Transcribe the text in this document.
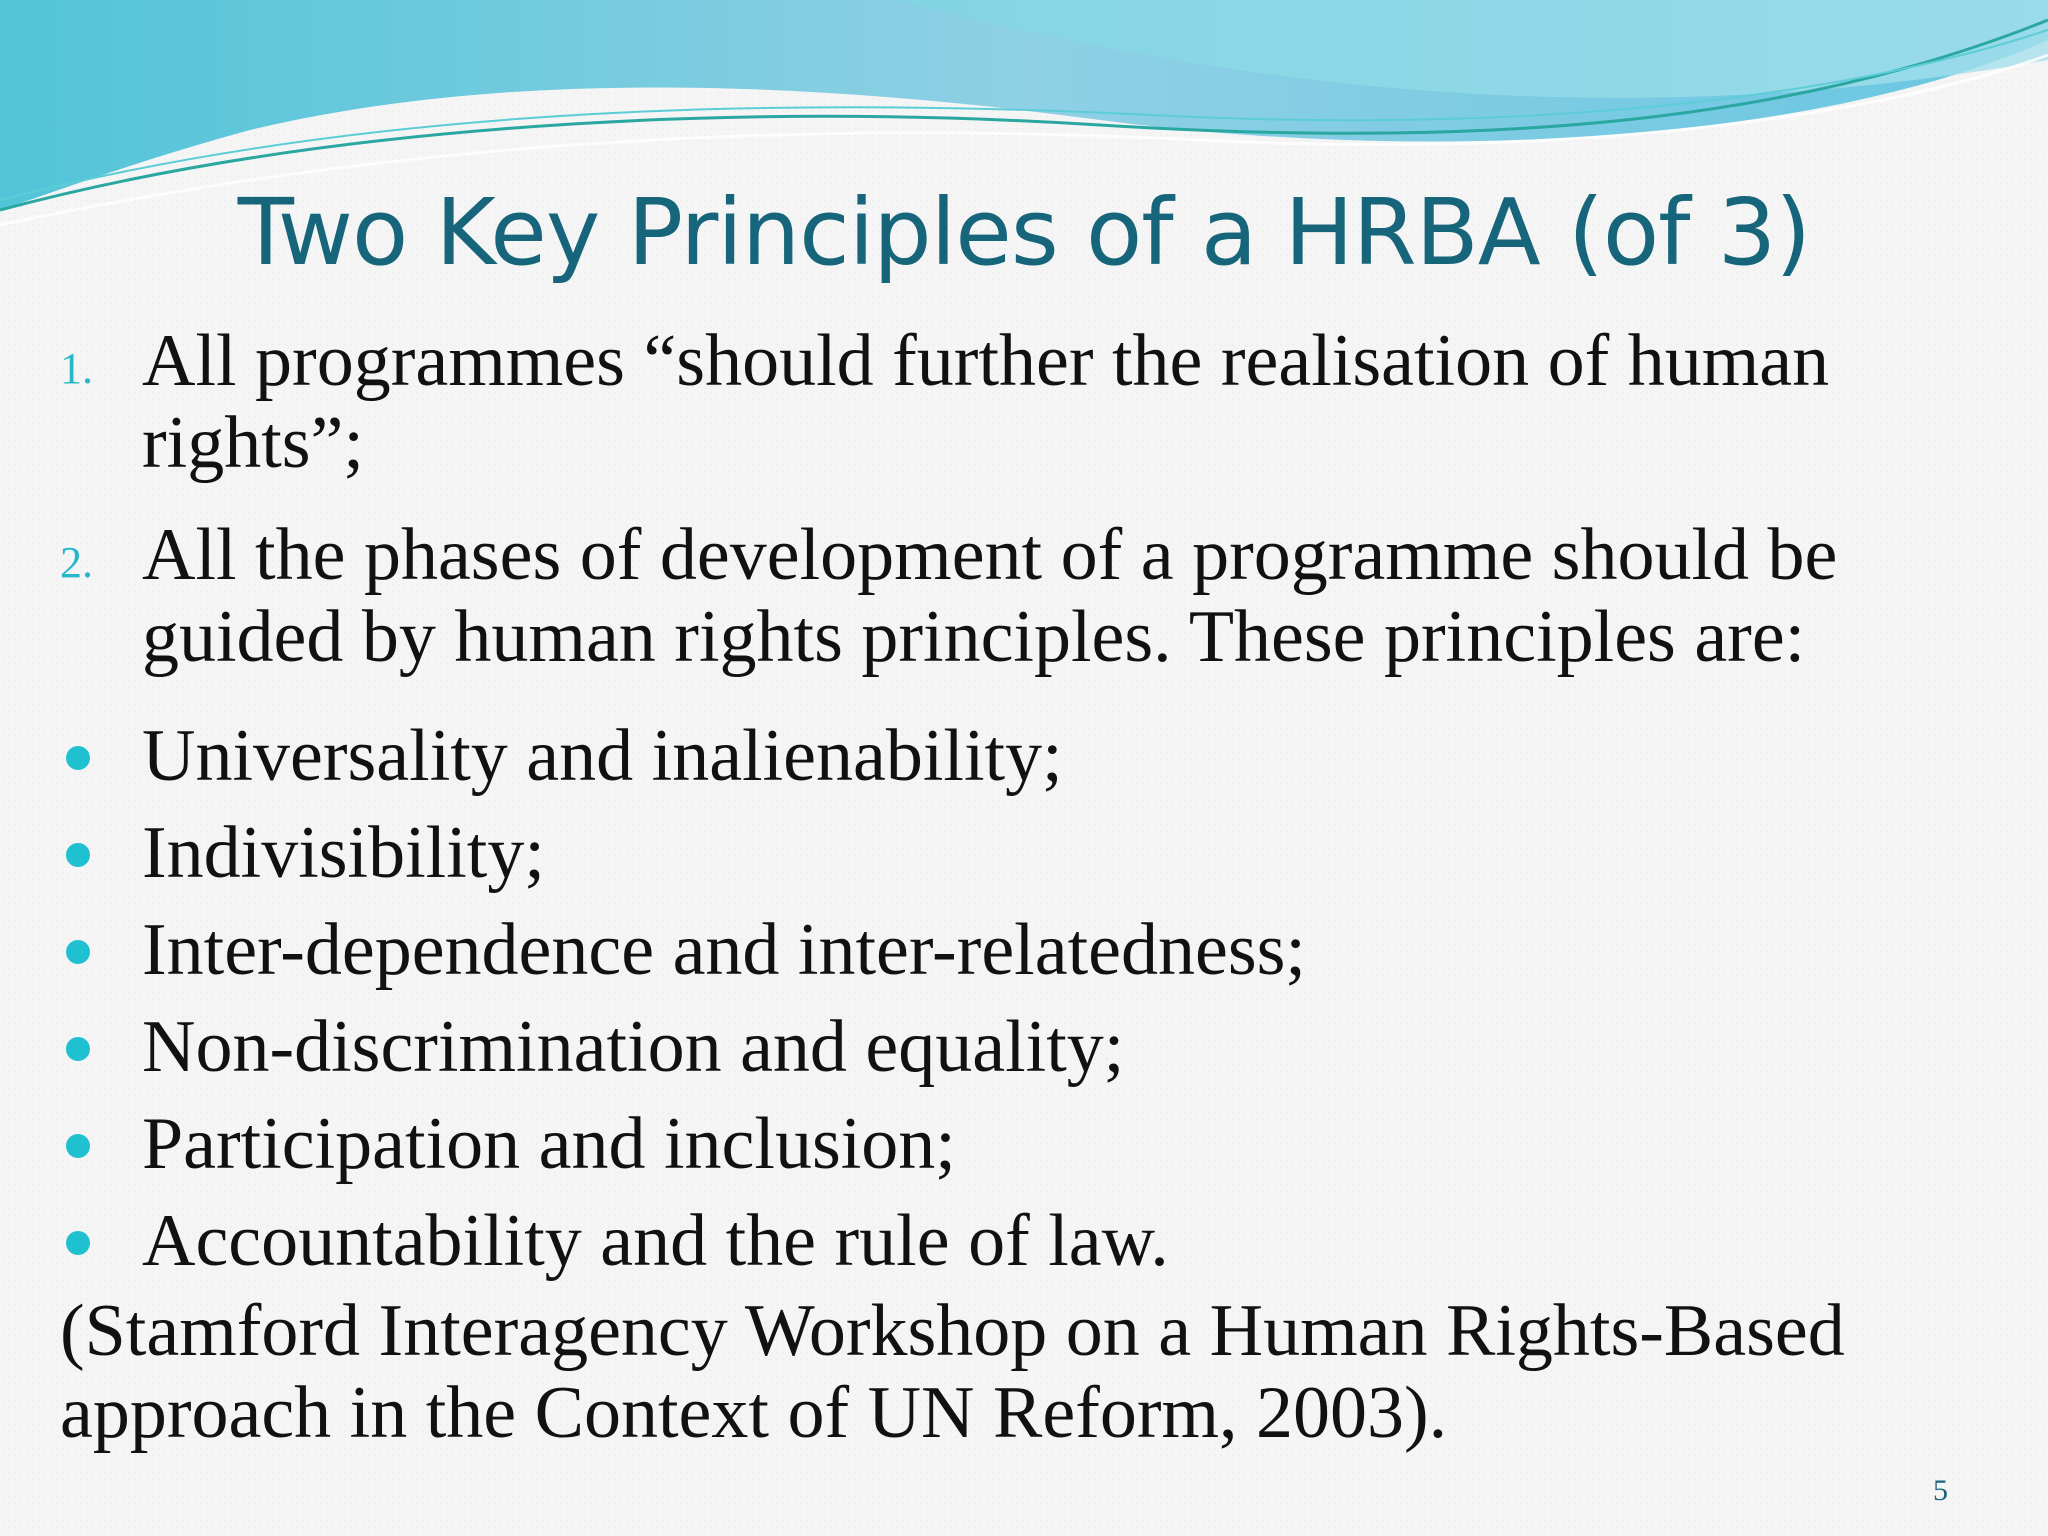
Two Key Principles of a HRBA (of 3)
1. All programmes “should further the realisation of human rights”;
2. All the phases of development of a programme should be guided by human rights principles. These principles are:
Universality and inalienability;
Indivisibility;
Inter-dependence and inter-relatedness;
Non-discrimination and equality;
Participation and inclusion;
Accountability and the rule of law.
(Stamford Interagency Workshop on a Human Rights-Based approach in the Context of UN Reform, 2003).
5
